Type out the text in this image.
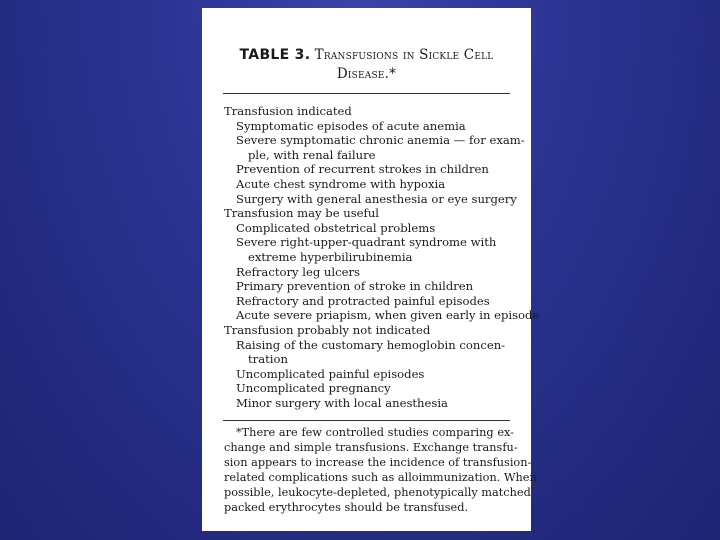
TABLE 3. Transfusions in Sickle Cell
Disease.*
Transfusion indicated
Symptomatic episodes of acute anemia
Severe symptomatic chronic anemia — for exam-
ple, with renal failure
Prevention of recurrent strokes in children
Acute chest syndrome with hypoxia
Surgery with general anesthesia or eye surgery
Transfusion may be useful
Complicated obstetrical problems
Severe right-upper-quadrant syndrome with
extreme hyperbilirubinemia
Refractory leg ulcers
Primary prevention of stroke in children
Refractory and protracted painful episodes
Acute severe priapism, when given early in episode
Transfusion probably not indicated
Raising of the customary hemoglobin concen-
tration
Uncomplicated painful episodes
Uncomplicated pregnancy
Minor surgery with local anesthesia
*There are few controlled studies comparing ex-
change and simple transfusions. Exchange transfu-
sion appears to increase the incidence of transfusion-
related complications such as alloimmunization. When
possible, leukocyte-depleted, phenotypically matched
packed erythrocytes should be transfused.
